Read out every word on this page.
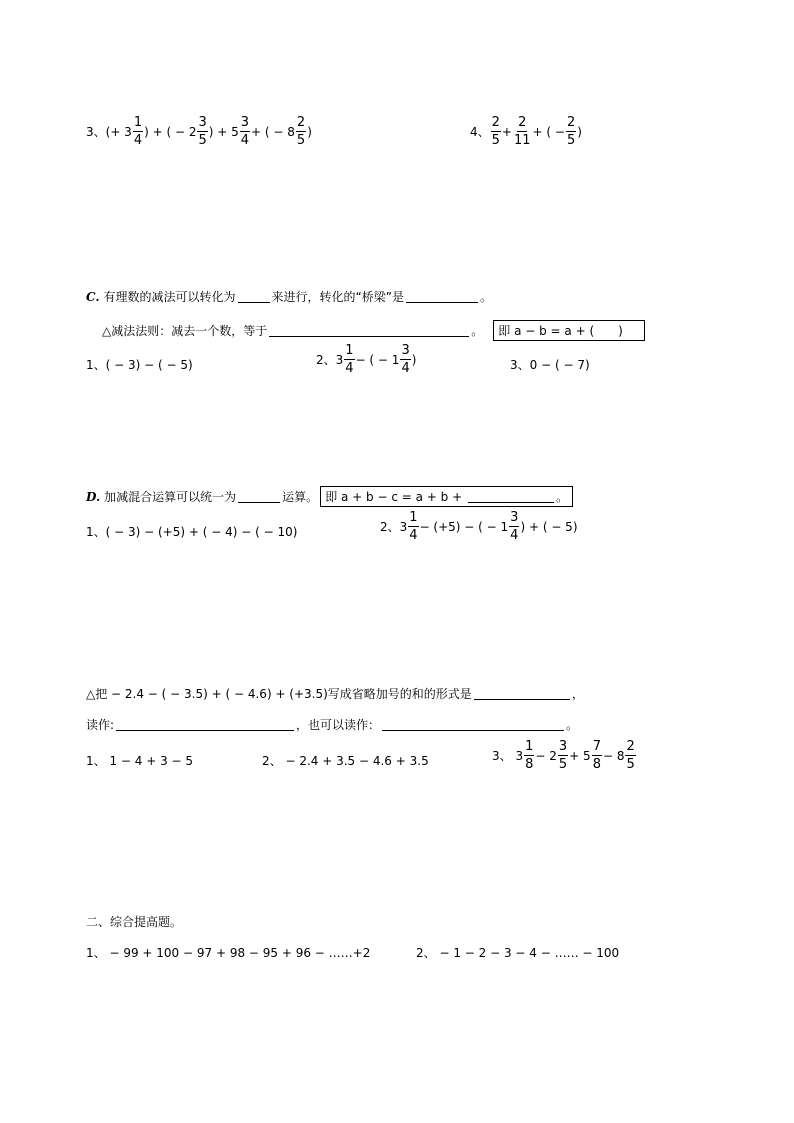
3、(+ $3 \frac{1}{4}$ ) + ( − $2 \frac{3}{5}$ ) + $5 \frac{3}{4}$ + ( − $8 \frac{2}{5}$ )	4、 $\frac{2}{5} + \frac{2}{11}$ + ( − $\frac{2}{5}$ )
C. 有理数的减法可以转化为	来进行，转化的“桥梁”是	。
△减法法则：减去一个数，等于	。 即 a − b = a + (　　)
1、( − 3) − ( − 5)	2、$3 \frac{1}{4}$ − ( − $1 \frac{3}{4}$ )	3、0 − ( − 7)
D. 加减混合运算可以统一为	运算。 即 a + b − c = a + b +	。
1、( − 3) − (+5) + ( − 4) − ( − 10)	2、$3 \frac{1}{4} - (+5)$ − ( − $1 \frac{3}{4}$ ) + ( − 5)
△把 − 2.4 − ( − 3.5) + ( − 4.6) + (+3.5)写成省略加号的和的形式是	，
读作:	，也可以读作：	。
1、 1 − 4 + 3 − 5	2、 − 2.4 + 3.5 − 4.6 + 3.5	3、 $3 \frac{1}{8} - 2 \frac{3}{5} + 5 \frac{7}{8} - 8 \frac{2}{5}$
二、综合提高题。
1、 − 99 + 100 − 97 + 98 − 95 + 96 − ……+2	2、 − 1 − 2 − 3 − 4 − …… − 100
